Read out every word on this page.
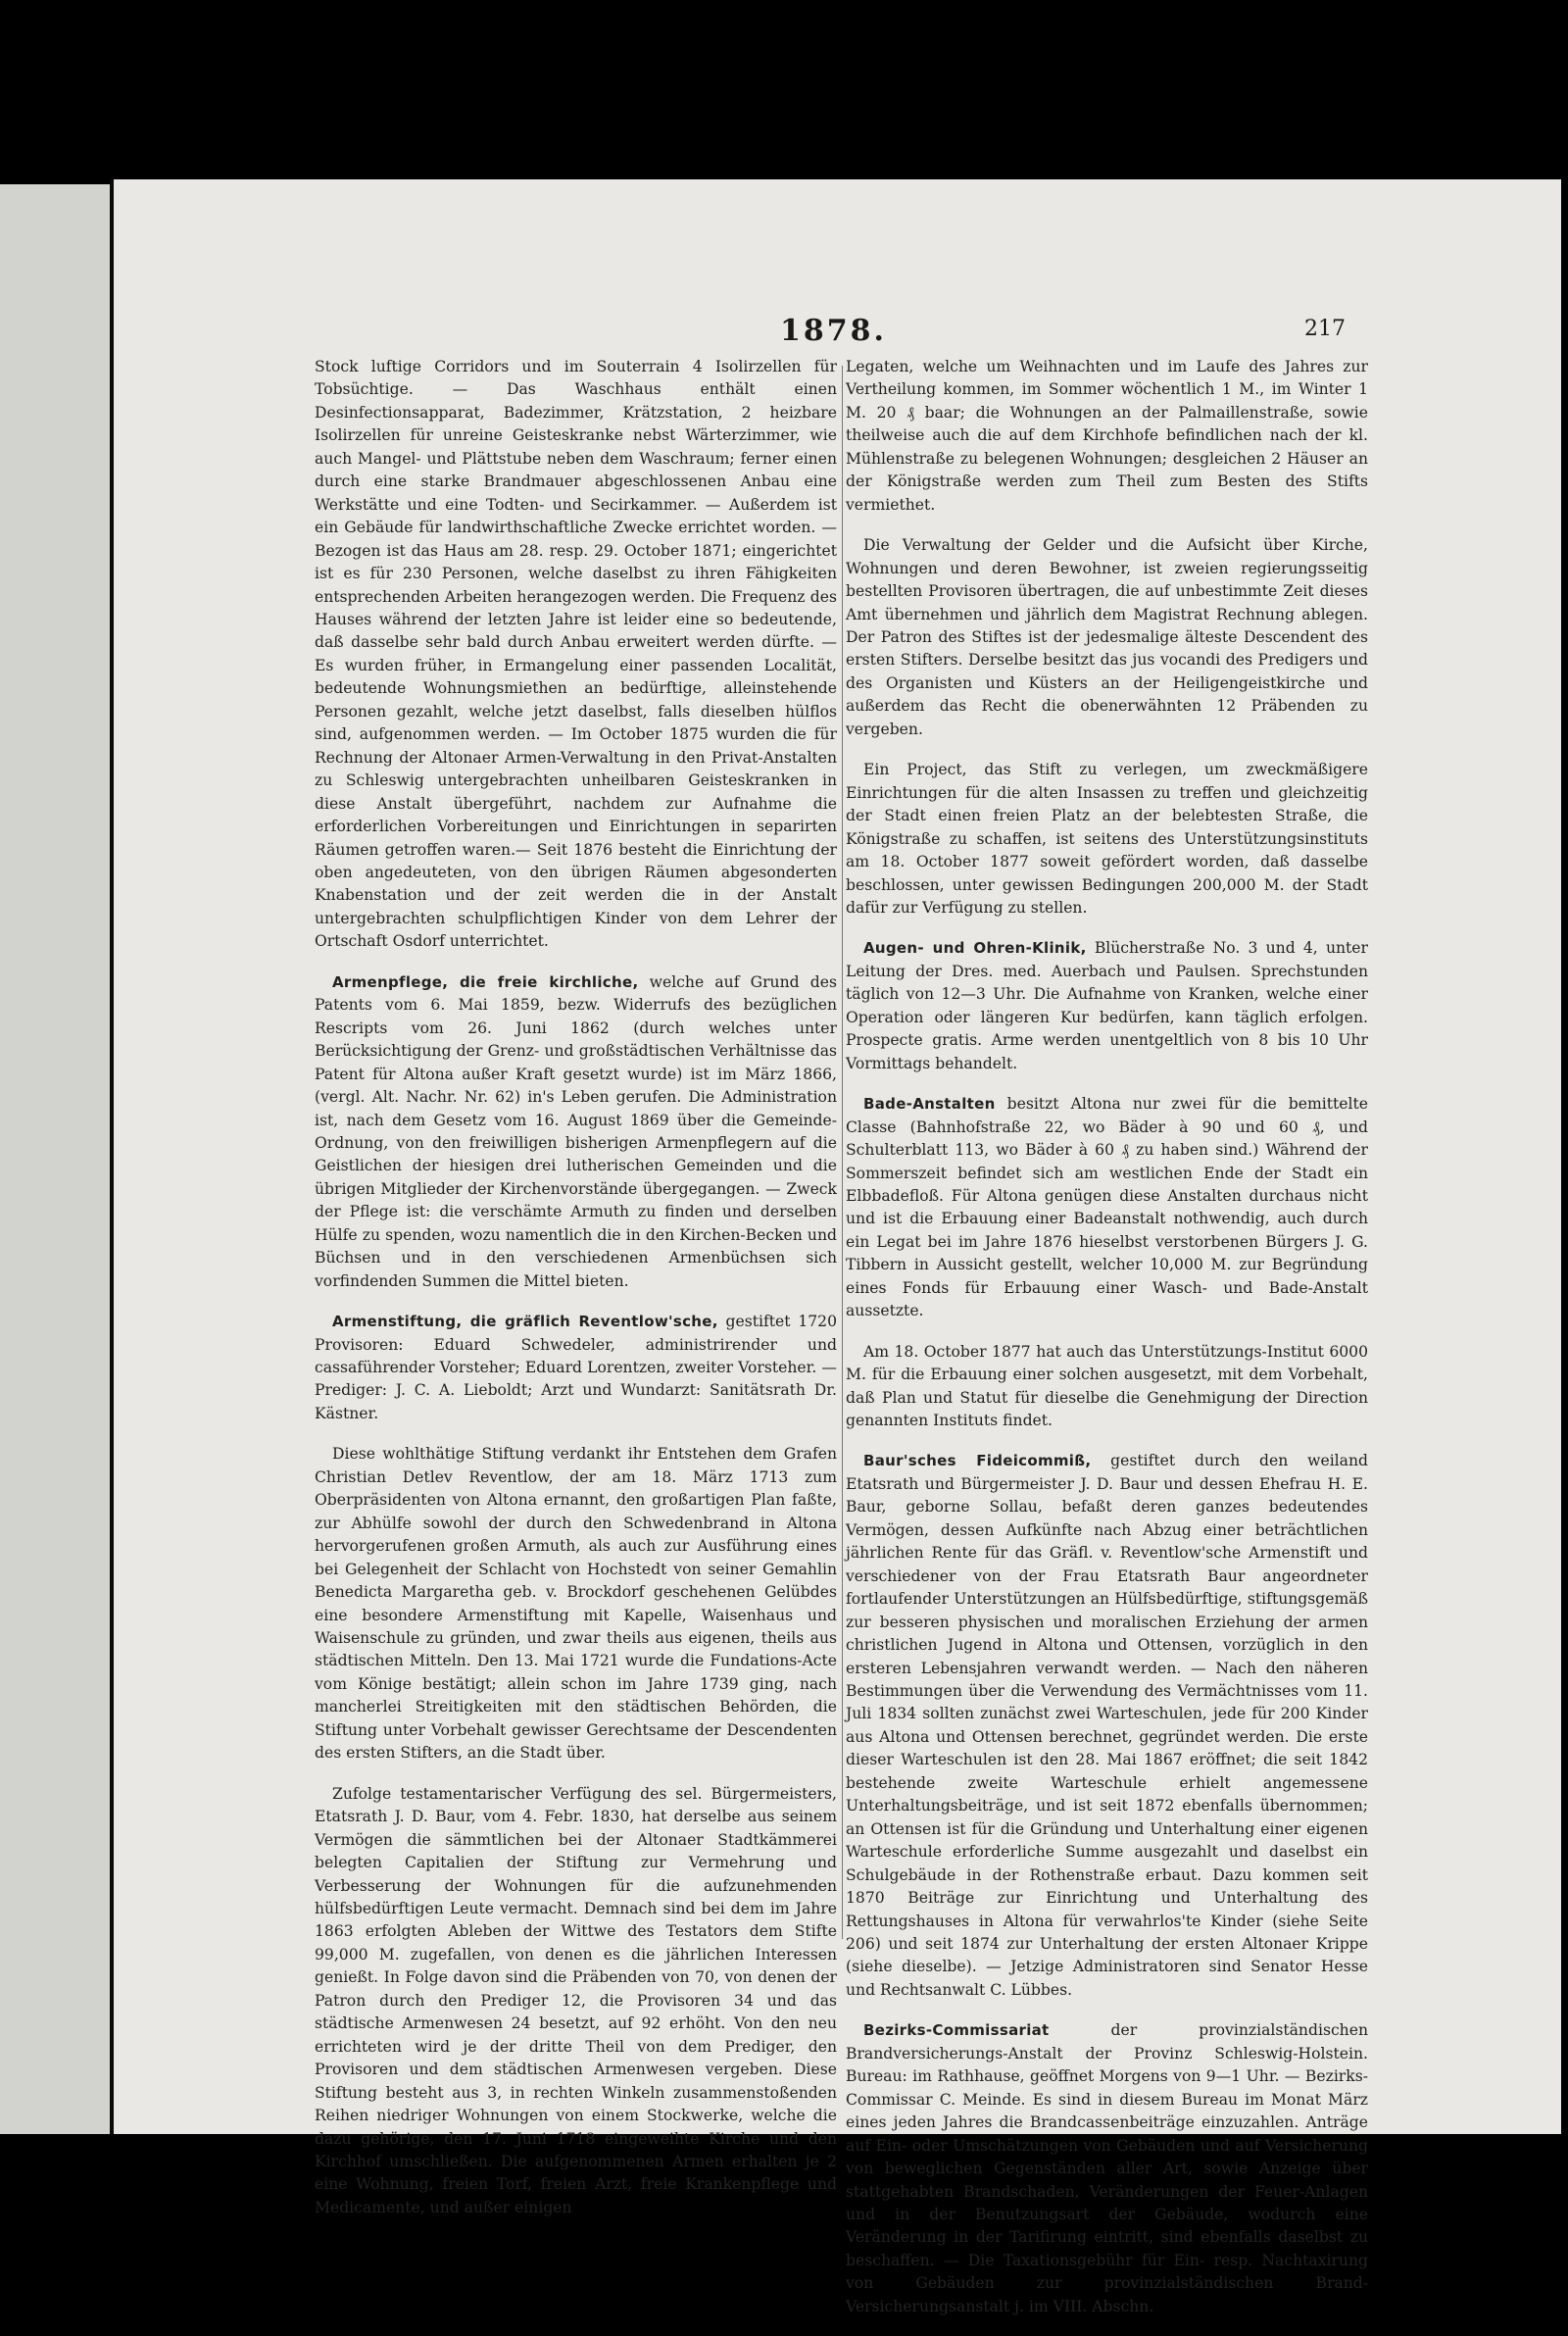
1878.	217

Stock luftige Corridors und im Souterrain 4 Isolirzellen für Tobsüchtige. — Das Waschhaus enthält einen Desinfectionsapparat, Badezimmer, Krätzstation, 2 heizbare Isolirzellen für unreine Geisteskranke nebst Wärterzimmer, wie auch Mangel- und Plättstube neben dem Waschraum; ferner einen durch eine starke Brandmauer abgeschlossenen Anbau eine Werkstätte und eine Todten- und Secirkammer. — Außerdem ist ein Gebäude für landwirthschaftliche Zwecke errichtet worden. — Bezogen ist das Haus am 28. resp. 29. October 1871; eingerichtet ist es für 230 Personen, welche daselbst zu ihren Fähigkeiten entsprechenden Arbeiten herangezogen werden. Die Frequenz des Hauses während der letzten Jahre ist leider eine so bedeutende, daß dasselbe sehr bald durch Anbau erweitert werden dürfte. — Es wurden früher, in Ermangelung einer passenden Localität, bedeutende Wohnungsmiethen an bedürftige, alleinstehende Personen gezahlt, welche jetzt daselbst, falls dieselben hülflos sind, aufgenommen werden. — Im October 1875 wurden die für Rechnung der Altonaer Armen-Verwaltung in den Privat-Anstalten zu Schleswig untergebrachten unheilbaren Geisteskranken in diese Anstalt übergeführt, nachdem zur Aufnahme die erforderlichen Vorbereitungen und Einrichtungen in separirten Räumen getroffen waren.— Seit 1876 besteht die Einrichtung der oben angedeuteten, von den übrigen Räumen abgesonderten Knabenstation und der zeit werden die in der Anstalt untergebrachten schulpflichtigen Kinder von dem Lehrer der Ortschaft Osdorf unterrichtet.

Armenpflege, die freie kirchliche, welche auf Grund des Patents vom 6. Mai 1859, bezw. Widerrufs des bezüglichen Rescripts vom 26. Juni 1862 (durch welches unter Berücksichtigung der Grenz- und großstädtischen Verhältnisse das Patent für Altona außer Kraft gesetzt wurde) ist im März 1866, (vergl. Alt. Nachr. Nr. 62) in's Leben gerufen. Die Administration ist, nach dem Gesetz vom 16. August 1869 über die Gemeinde-Ordnung, von den freiwilligen bisherigen Armenpflegern auf die Geistlichen der hiesigen drei lutherischen Gemeinden und die übrigen Mitglieder der Kirchenvorstände übergegangen. — Zweck der Pflege ist: die verschämte Armuth zu finden und derselben Hülfe zu spenden, wozu namentlich die in den Kirchen-Becken und Büchsen und in den verschiedenen Armenbüchsen sich vorfindenden Summen die Mittel bieten.

Armenstiftung, die gräflich Reventlow'sche, gestiftet 1720 Provisoren: Eduard Schwedeler, administrirender und cassaführender Vorsteher; Eduard Lorentzen, zweiter Vorsteher. — Prediger: J. C. A. Lieboldt; Arzt und Wundarzt: Sanitätsrath Dr. Kästner.

Diese wohlthätige Stiftung verdankt ihr Entstehen dem Grafen Christian Detlev Reventlow, der am 18. März 1713 zum Oberpräsidenten von Altona ernannt, den großartigen Plan faßte, zur Abhülfe sowohl der durch den Schwedenbrand in Altona hervorgerufenen großen Armuth, als auch zur Ausführung eines bei Gelegenheit der Schlacht von Hochstedt von seiner Gemahlin Benedicta Margaretha geb. v. Brockdorf geschehenen Gelübdes eine besondere Armenstiftung mit Kapelle, Waisenhaus und Waisenschule zu gründen, und zwar theils aus eigenen, theils aus städtischen Mitteln. Den 13. Mai 1721 wurde die Fundations-Acte vom Könige bestätigt; allein schon im Jahre 1739 ging, nach mancherlei Streitigkeiten mit den städtischen Behörden, die Stiftung unter Vorbehalt gewisser Gerechtsame der Descendenten des ersten Stifters, an die Stadt über.

Zufolge testamentarischer Verfügung des sel. Bürgermeisters, Etatsrath J. D. Baur, vom 4. Febr. 1830, hat derselbe aus seinem Vermögen die sämmtlichen bei der Altonaer Stadtkämmerei belegten Capitalien der Stiftung zur Vermehrung und Verbesserung der Wohnungen für die aufzunehmenden hülfsbedürftigen Leute vermacht. Demnach sind bei dem im Jahre 1863 erfolgten Ableben der Wittwe des Testators dem Stifte 99,000 M. zugefallen, von denen es die jährlichen Interessen genießt. In Folge davon sind die Präbenden von 70, von denen der Patron durch den Prediger 12, die Provisoren 34 und das städtische Armenwesen 24 besetzt, auf 92 erhöht. Von den neu errichteten wird je der dritte Theil von dem Prediger, den Provisoren und dem städtischen Armenwesen vergeben. Diese Stiftung besteht aus 3, in rechten Winkeln zusammenstoßenden Reihen niedriger Wohnungen von einem Stockwerke, welche die dazu gehörige, den 17. Juni 1718 eingeweihte Kirche und den Kirchhof umschließen. Die aufgenommenen Armen erhalten je 2 eine Wohnung, freien Torf, freien Arzt, freie Krankenpflege und Medicamente, und außer einigen

Legaten, welche um Weihnachten und im Laufe des Jahres zur Vertheilung kommen, im Sommer wöchentlich 1 M., im Winter 1 M. 20 ₰ baar; die Wohnungen an der Palmaillenstraße, sowie theilweise auch die auf dem Kirchhofe befindlichen nach der kl. Mühlenstraße zu belegenen Wohnungen; desgleichen 2 Häuser an der Königstraße werden zum Theil zum Besten des Stifts vermiethet.

Die Verwaltung der Gelder und die Aufsicht über Kirche, Wohnungen und deren Bewohner, ist zweien regierungsseitig bestellten Provisoren übertragen, die auf unbestimmte Zeit dieses Amt übernehmen und jährlich dem Magistrat Rechnung ablegen. Der Patron des Stiftes ist der jedesmalige älteste Descendent des ersten Stifters. Derselbe besitzt das jus vocandi des Predigers und des Organisten und Küsters an der Heiligengeistkirche und außerdem das Recht die obenerwähnten 12 Präbenden zu vergeben.

Ein Project, das Stift zu verlegen, um zweckmäßigere Einrichtungen für die alten Insassen zu treffen und gleichzeitig der Stadt einen freien Platz an der belebtesten Straße, die Königstraße zu schaffen, ist seitens des Unterstützungsinstituts am 18. October 1877 soweit gefördert worden, daß dasselbe beschlossen, unter gewissen Bedingungen 200,000 M. der Stadt dafür zur Verfügung zu stellen.

Augen- und Ohren-Klinik, Blücherstraße No. 3 und 4, unter Leitung der Dres. med. Auerbach und Paulsen. Sprechstunden täglich von 12—3 Uhr. Die Aufnahme von Kranken, welche einer Operation oder längeren Kur bedürfen, kann täglich erfolgen. Prospecte gratis. Arme werden unentgeltlich von 8 bis 10 Uhr Vormittags behandelt.

Bade-Anstalten besitzt Altona nur zwei für die bemittelte Classe (Bahnhofstraße 22, wo Bäder à 90 und 60 ₰, und Schulterblatt 113, wo Bäder à 60 ₰ zu haben sind.) Während der Sommerszeit befindet sich am westlichen Ende der Stadt ein Elbbadefloß. Für Altona genügen diese Anstalten durchaus nicht und ist die Erbauung einer Badeanstalt nothwendig, auch durch ein Legat bei im Jahre 1876 hieselbst verstorbenen Bürgers J. G. Tibbern in Aussicht gestellt, welcher 10,000 M. zur Begründung eines Fonds für Erbauung einer Wasch- und Bade-Anstalt aussetzte.

Am 18. October 1877 hat auch das Unterstützungs-Institut 6000 M. für die Erbauung einer solchen ausgesetzt, mit dem Vorbehalt, daß Plan und Statut für dieselbe die Genehmigung der Direction genannten Instituts findet.

Baur'sches Fideicommiß, gestiftet durch den weiland Etatsrath und Bürgermeister J. D. Baur und dessen Ehefrau H. E. Baur, geborne Sollau, befaßt deren ganzes bedeutendes Vermögen, dessen Aufkünfte nach Abzug einer beträchtlichen jährlichen Rente für das Gräfl. v. Reventlow'sche Armenstift und verschiedener von der Frau Etatsrath Baur angeordneter fortlaufender Unterstützungen an Hülfsbedürftige, stiftungsgemäß zur besseren physischen und moralischen Erziehung der armen christlichen Jugend in Altona und Ottensen, vorzüglich in den ersteren Lebensjahren verwandt werden. — Nach den näheren Bestimmungen über die Verwendung des Vermächtnisses vom 11. Juli 1834 sollten zunächst zwei Warteschulen, jede für 200 Kinder aus Altona und Ottensen berechnet, gegründet werden. Die erste dieser Warteschulen ist den 28. Mai 1867 eröffnet; die seit 1842 bestehende zweite Warteschule erhielt angemessene Unterhaltungsbeiträge, und ist seit 1872 ebenfalls übernommen; an Ottensen ist für die Gründung und Unterhaltung einer eigenen Warteschule erforderliche Summe ausgezahlt und daselbst ein Schulgebäude in der Rothenstraße erbaut. Dazu kommen seit 1870 Beiträge zur Einrichtung und Unterhaltung des Rettungshauses in Altona für verwahrlos'te Kinder (siehe Seite 206) und seit 1874 zur Unterhaltung der ersten Altonaer Krippe (siehe dieselbe). — Jetzige Administratoren sind Senator Hesse und Rechtsanwalt C. Lübbes.

Bezirks-Commissariat der provinzialständischen Brandversicherungs-Anstalt der Provinz Schleswig-Holstein. Bureau: im Rathhause, geöffnet Morgens von 9—1 Uhr. — Bezirks-Commissar C. Meinde. Es sind in diesem Bureau im Monat März eines jeden Jahres die Brandcassenbeiträge einzuzahlen. Anträge auf Ein- oder Umschätzungen von Gebäuden und auf Versicherung von beweglichen Gegenständen aller Art, sowie Anzeige über stattgehabten Brandschaden, Veränderungen der Feuer-Anlagen und in der Benutzungsart der Gebäude, wodurch eine Veränderung in der Tarifirung eintritt, sind ebenfalls daselbst zu beschaffen. — Die Taxationsgebühr für Ein- resp. Nachtaxirung von Gebäuden zur provinzialständischen Brand-Versicherungsanstalt j. im VIII. Abschn.
